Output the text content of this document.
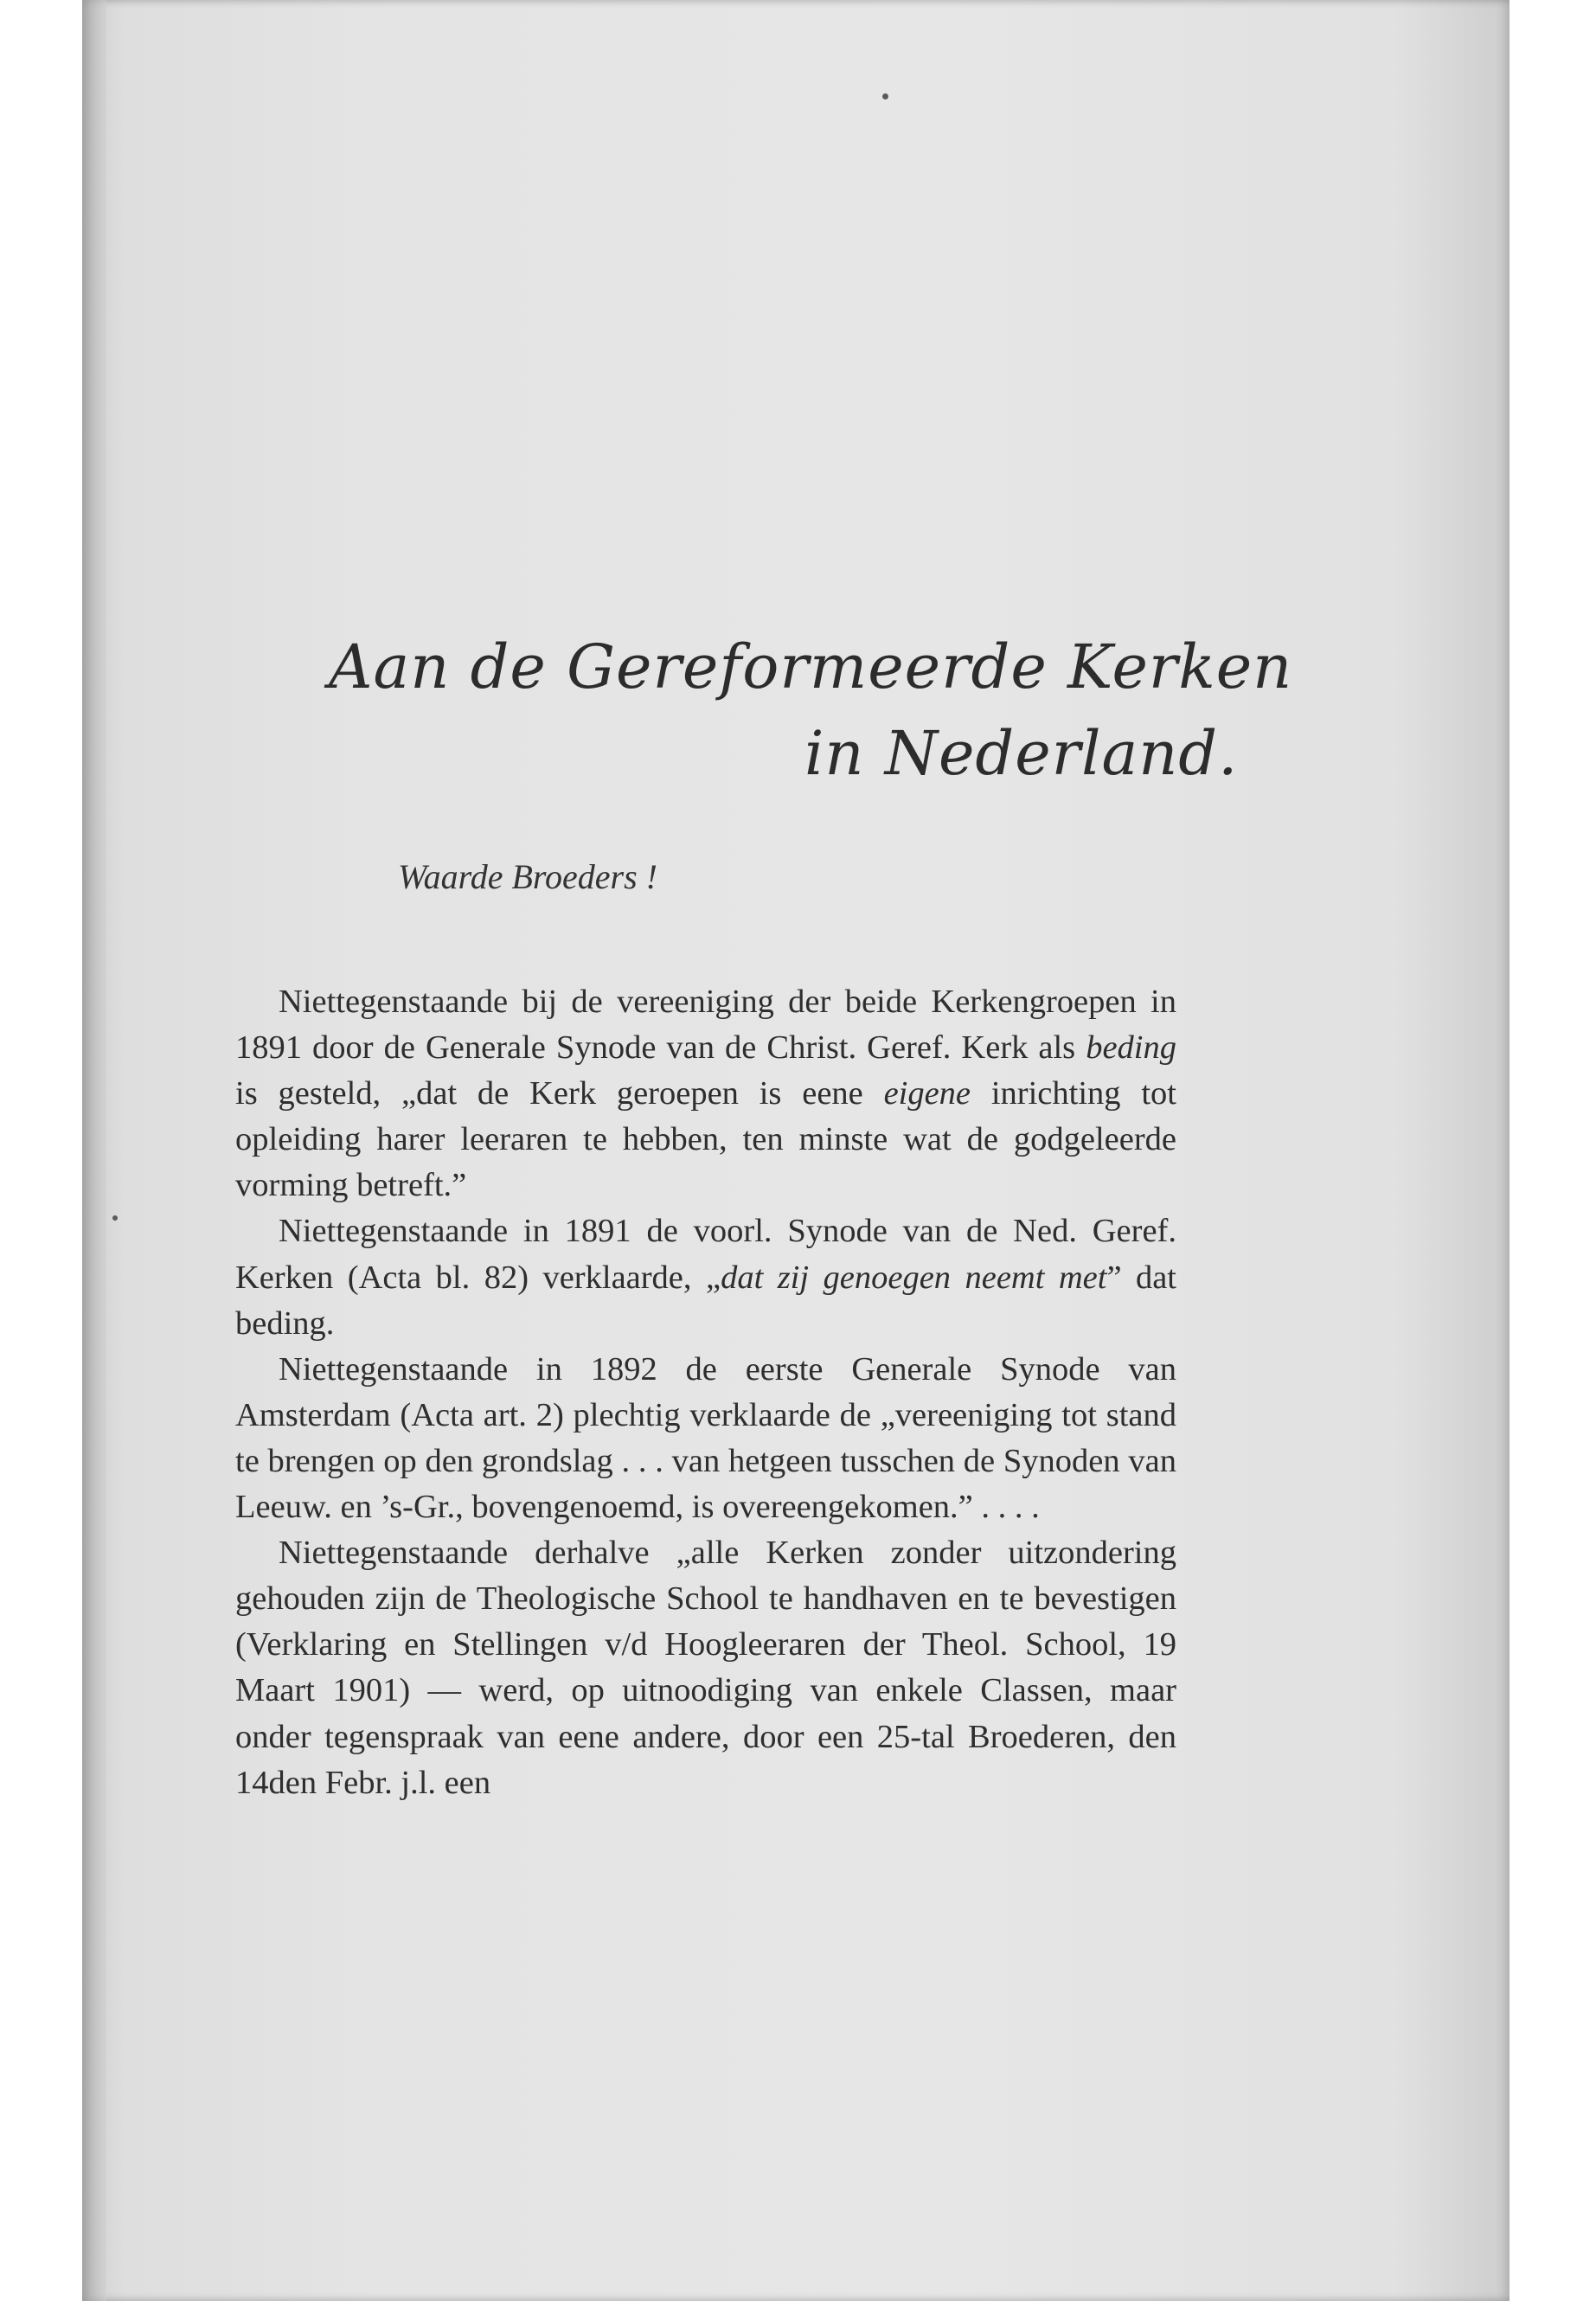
Aan de Gereformeerde Kerken
in Nederland.
Waarde Broeders !

Niettegenstaande bij de vereeniging der beide Kerkengroepen in 1891 door de Generale Synode van de Christ. Geref. Kerk als beding is gesteld, „dat de Kerk geroepen is eene eigene inrichting tot opleiding harer leeraren te hebben, ten minste wat de godgeleerde vorming betreft.”

Niettegenstaande in 1891 de voorl. Synode van de Ned. Geref. Kerken (Acta bl. 82) verklaarde, „dat zij genoegen neemt met” dat beding.

Niettegenstaande in 1892 de eerste Generale Synode van Amsterdam (Acta art. 2) plechtig verklaarde de „vereeniging tot stand te brengen op den grondslag . . . van hetgeen tusschen de Synoden van Leeuw. en ’s-Gr., bovengenoemd, is overeengekomen.” . . . .

Niettegenstaande derhalve „alle Kerken zonder uitzondering gehouden zijn de Theologische School te handhaven en te bevestigen (Verklaring en Stellingen v/d Hoogleeraren der Theol. School, 19 Maart 1901) — werd, op uitnoodiging van enkele Classen, maar onder tegenspraak van eene andere, door een 25-tal Broederen, den 14den Febr. j.l. een
